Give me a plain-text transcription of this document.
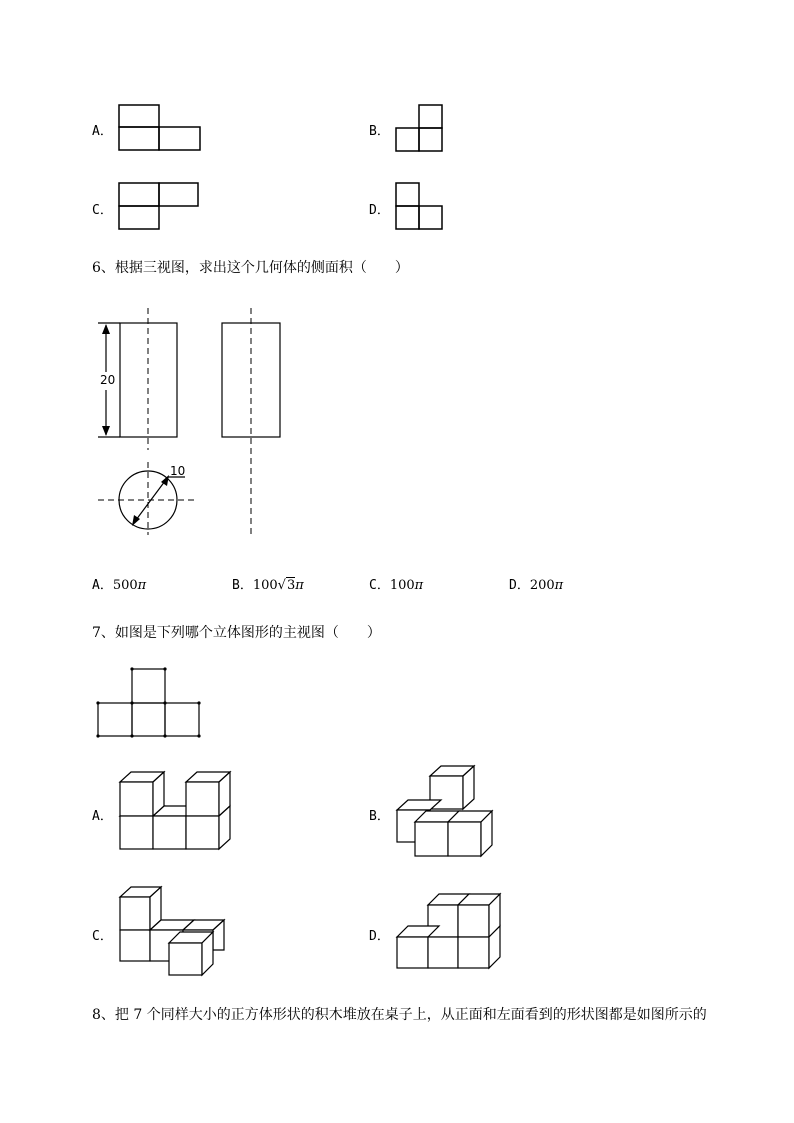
A．	B．
C．	D．
6、根据三视图，求出这个几何体的侧面积（　　）
20
10
A．500π	B．100√3π	C．100π	D．200π
7、如图是下列哪个立体图形的主视图（　　）
A．	B．
C．	D．
8、把 7 个同样大小的正方体形状的积木堆放在桌子上，从正面和左面看到的形状图都是如图所示的
